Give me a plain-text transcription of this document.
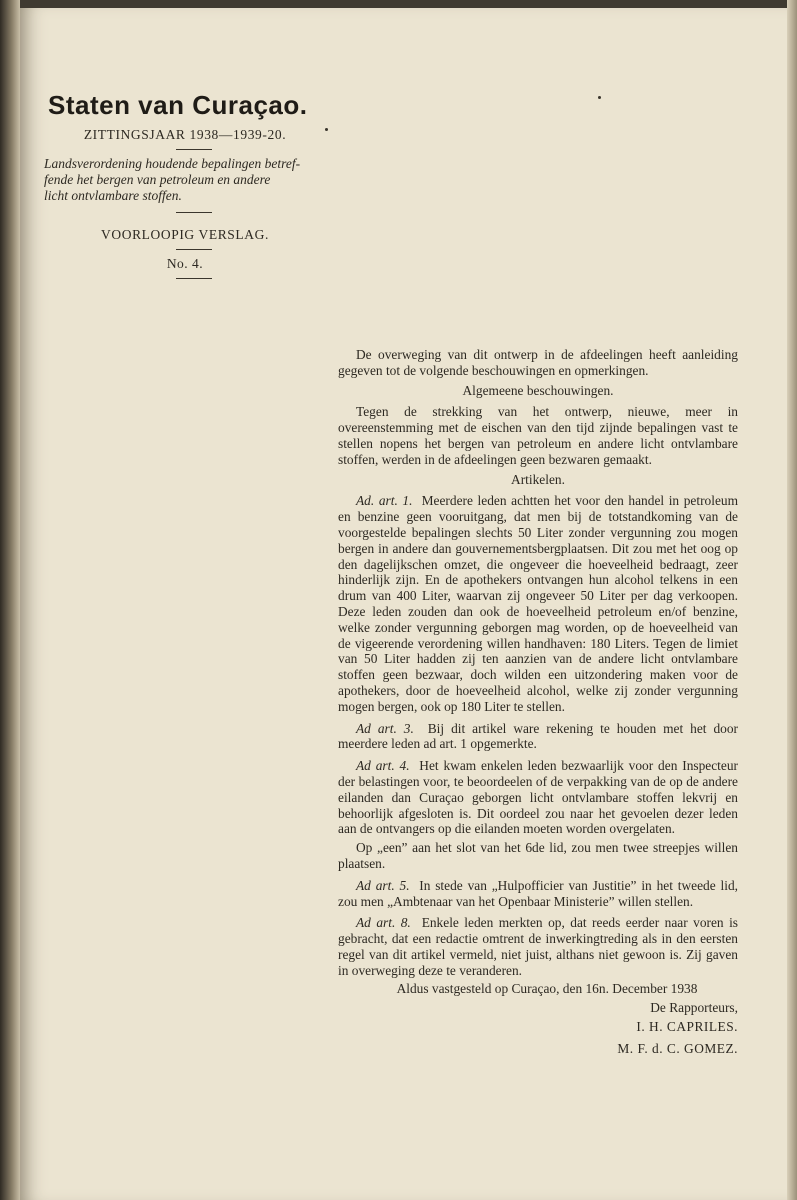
Staten van Curaçao.
ZITTINGSJAAR 1938—1939-20.
Landsverordening houdende bepalingen betref-
fende het bergen van petroleum en andere
licht ontvlambare stoffen.
VOORLOOPIG VERSLAG.
No. 4.

De overweging van dit ontwerp in de afdeelingen heeft aanleiding gegeven tot de volgende beschouwingen en opmerkingen.

Algemeene beschouwingen.

Tegen de strekking van het ontwerp, nieuwe, meer in overeenstemming met de eischen van den tijd zijnde bepalingen vast te stellen nopens het bergen van petroleum en andere licht ontvlambare stoffen, werden in de afdeelingen geen bezwaren gemaakt.

Artikelen.

Ad. art. 1. Meerdere leden achtten het voor den handel in petroleum en benzine geen vooruitgang, dat men bij de totstandkoming van de voorgestelde bepalingen slechts 50 Liter zonder vergunning zou mogen bergen in andere dan gouvernementsbergplaatsen. Dit zou met het oog op den dagelijkschen omzet, die ongeveer die hoeveelheid bedraagt, zeer hinderlijk zijn. En de apothekers ontvangen hun alcohol telkens in een drum van 400 Liter, waarvan zij ongeveer 50 Liter per dag verkoopen. Deze leden zouden dan ook de hoeveelheid petroleum en/of benzine, welke zonder vergunning geborgen mag worden, op de hoeveelheid van de vigeerende verordening willen handhaven: 180 Liters. Tegen de limiet van 50 Liter hadden zij ten aanzien van de andere licht ontvlambare stoffen geen bezwaar, doch wilden een uitzondering maken voor de apothekers, door de hoeveelheid alcohol, welke zij zonder vergunning mogen bergen, ook op 180 Liter te stellen.

Ad art. 3. Bij dit artikel ware rekening te houden met het door meerdere leden ad art. 1 opgemerkte.

Ad art. 4. Het kwam enkelen leden bezwaarlijk voor den Inspecteur der belastingen voor, te beoordeelen of de verpakking van de op de andere eilanden dan Curaçao geborgen licht ontvlambare stoffen lekvrij en behoorlijk afgesloten is. Dit oordeel zou naar het gevoelen dezer leden aan de ontvangers op die eilanden moeten worden overgelaten.

Op „een” aan het slot van het 6de lid, zou men twee streepjes willen plaatsen.

Ad art. 5. In stede van „Hulpofficier van Justitie” in het tweede lid, zou men „Ambtenaar van het Openbaar Ministerie” willen stellen.

Ad art. 8. Enkele leden merkten op, dat reeds eerder naar voren is gebracht, dat een redactie omtrent de inwerkingtreding als in den eersten regel van dit artikel vermeld, niet juist, althans niet gewoon is. Zij gaven in overweging deze te veranderen.

Aldus vastgesteld op Curaçao, den 16n. December 1938

De Rapporteurs,

I. H. CAPRILES.

M. F. d. C. GOMEZ.
